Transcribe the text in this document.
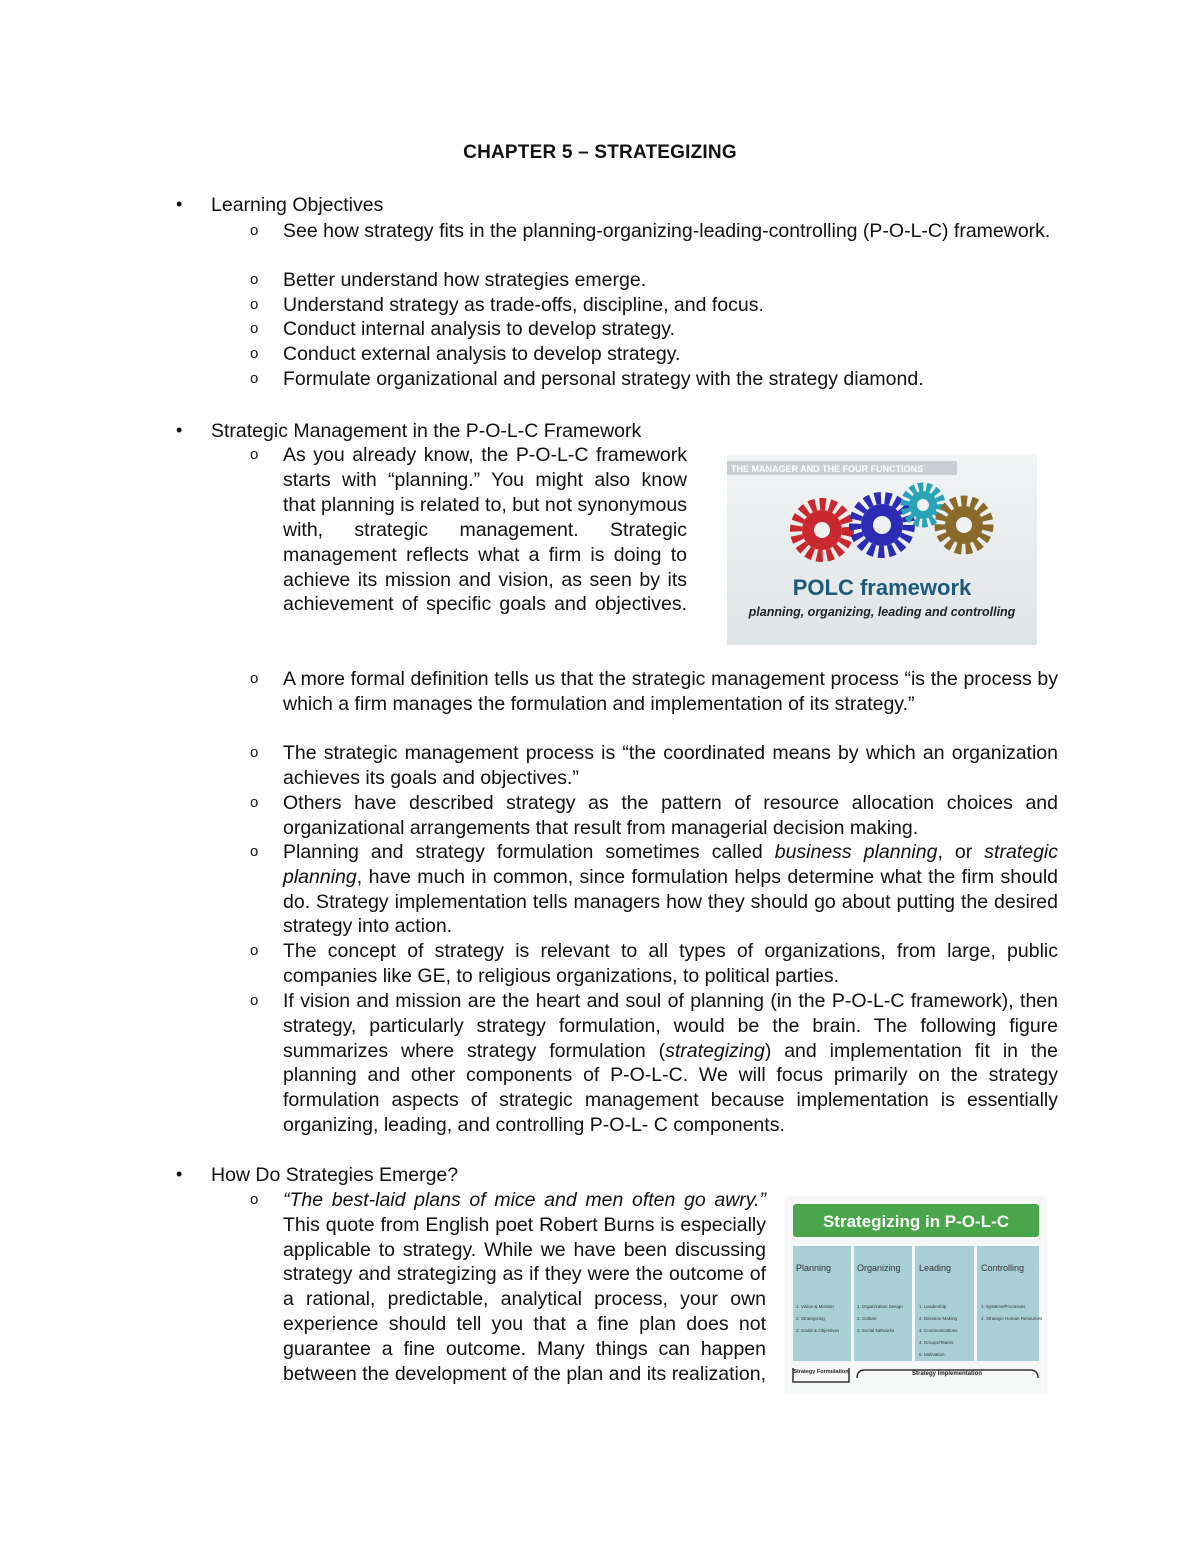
CHAPTER 5 – STRATEGIZING
• Learning Objectives
o See how strategy fits in the planning-organizing-leading-controlling (P-O-L-C) framework.
o Better understand how strategies emerge.
o Understand strategy as trade-offs, discipline, and focus.
o Conduct internal analysis to develop strategy.
o Conduct external analysis to develop strategy.
o Formulate organizational and personal strategy with the strategy diamond.
• Strategic Management in the P-O-L-C Framework
o As you already know, the P-O-L-C framework starts with “planning.” You might also know that planning is related to, but not synonymous with, strategic management. Strategic management reflects what a firm is doing to achieve its mission and vision, as seen by its achievement of specific goals and objectives.
THE MANAGER AND THE FOUR FUNCTIONS
POLC framework
planning, organizing, leading and controlling
o A more formal definition tells us that the strategic management process “is the process by which a firm manages the formulation and implementation of its strategy.”
o The strategic management process is “the coordinated means by which an organization achieves its goals and objectives.”
o Others have described strategy as the pattern of resource allocation choices and organizational arrangements that result from managerial decision making.
o Planning and strategy formulation sometimes called business planning, or strategic planning, have much in common, since formulation helps determine what the firm should do. Strategy implementation tells managers how they should go about putting the desired strategy into action.
o The concept of strategy is relevant to all types of organizations, from large, public companies like GE, to religious organizations, to political parties.
o If vision and mission are the heart and soul of planning (in the P-O-L-C framework), then strategy, particularly strategy formulation, would be the brain. The following figure summarizes where strategy formulation (strategizing) and implementation fit in the planning and other components of P-O-L-C. We will focus primarily on the strategy formulation aspects of strategic management because implementation is essentially organizing, leading, and controlling P-O-L- C components.
• How Do Strategies Emerge?
o “The best-laid plans of mice and men often go awry.” This quote from English poet Robert Burns is especially applicable to strategy. While we have been discussing strategy and strategizing as if they were the outcome of a rational, predictable, analytical process, your own experience should tell you that a fine plan does not guarantee a fine outcome. Many things can happen between the development of the plan and its realization,
Strategizing in P-O-L-C
Planning
1. Vision & Mission
2. Strategizing
3. Goals & Objectives
Organizing
1. Organization Design
2. Culture
3. Social Networks
Leading
1. Leadership
2. Decision Making
3. Communications
4. Groups/Teams
5. Motivation
Controlling
1. Systems/Processes
2. Strategic Human Resources
Strategy Formulation	Strategy Implementation
